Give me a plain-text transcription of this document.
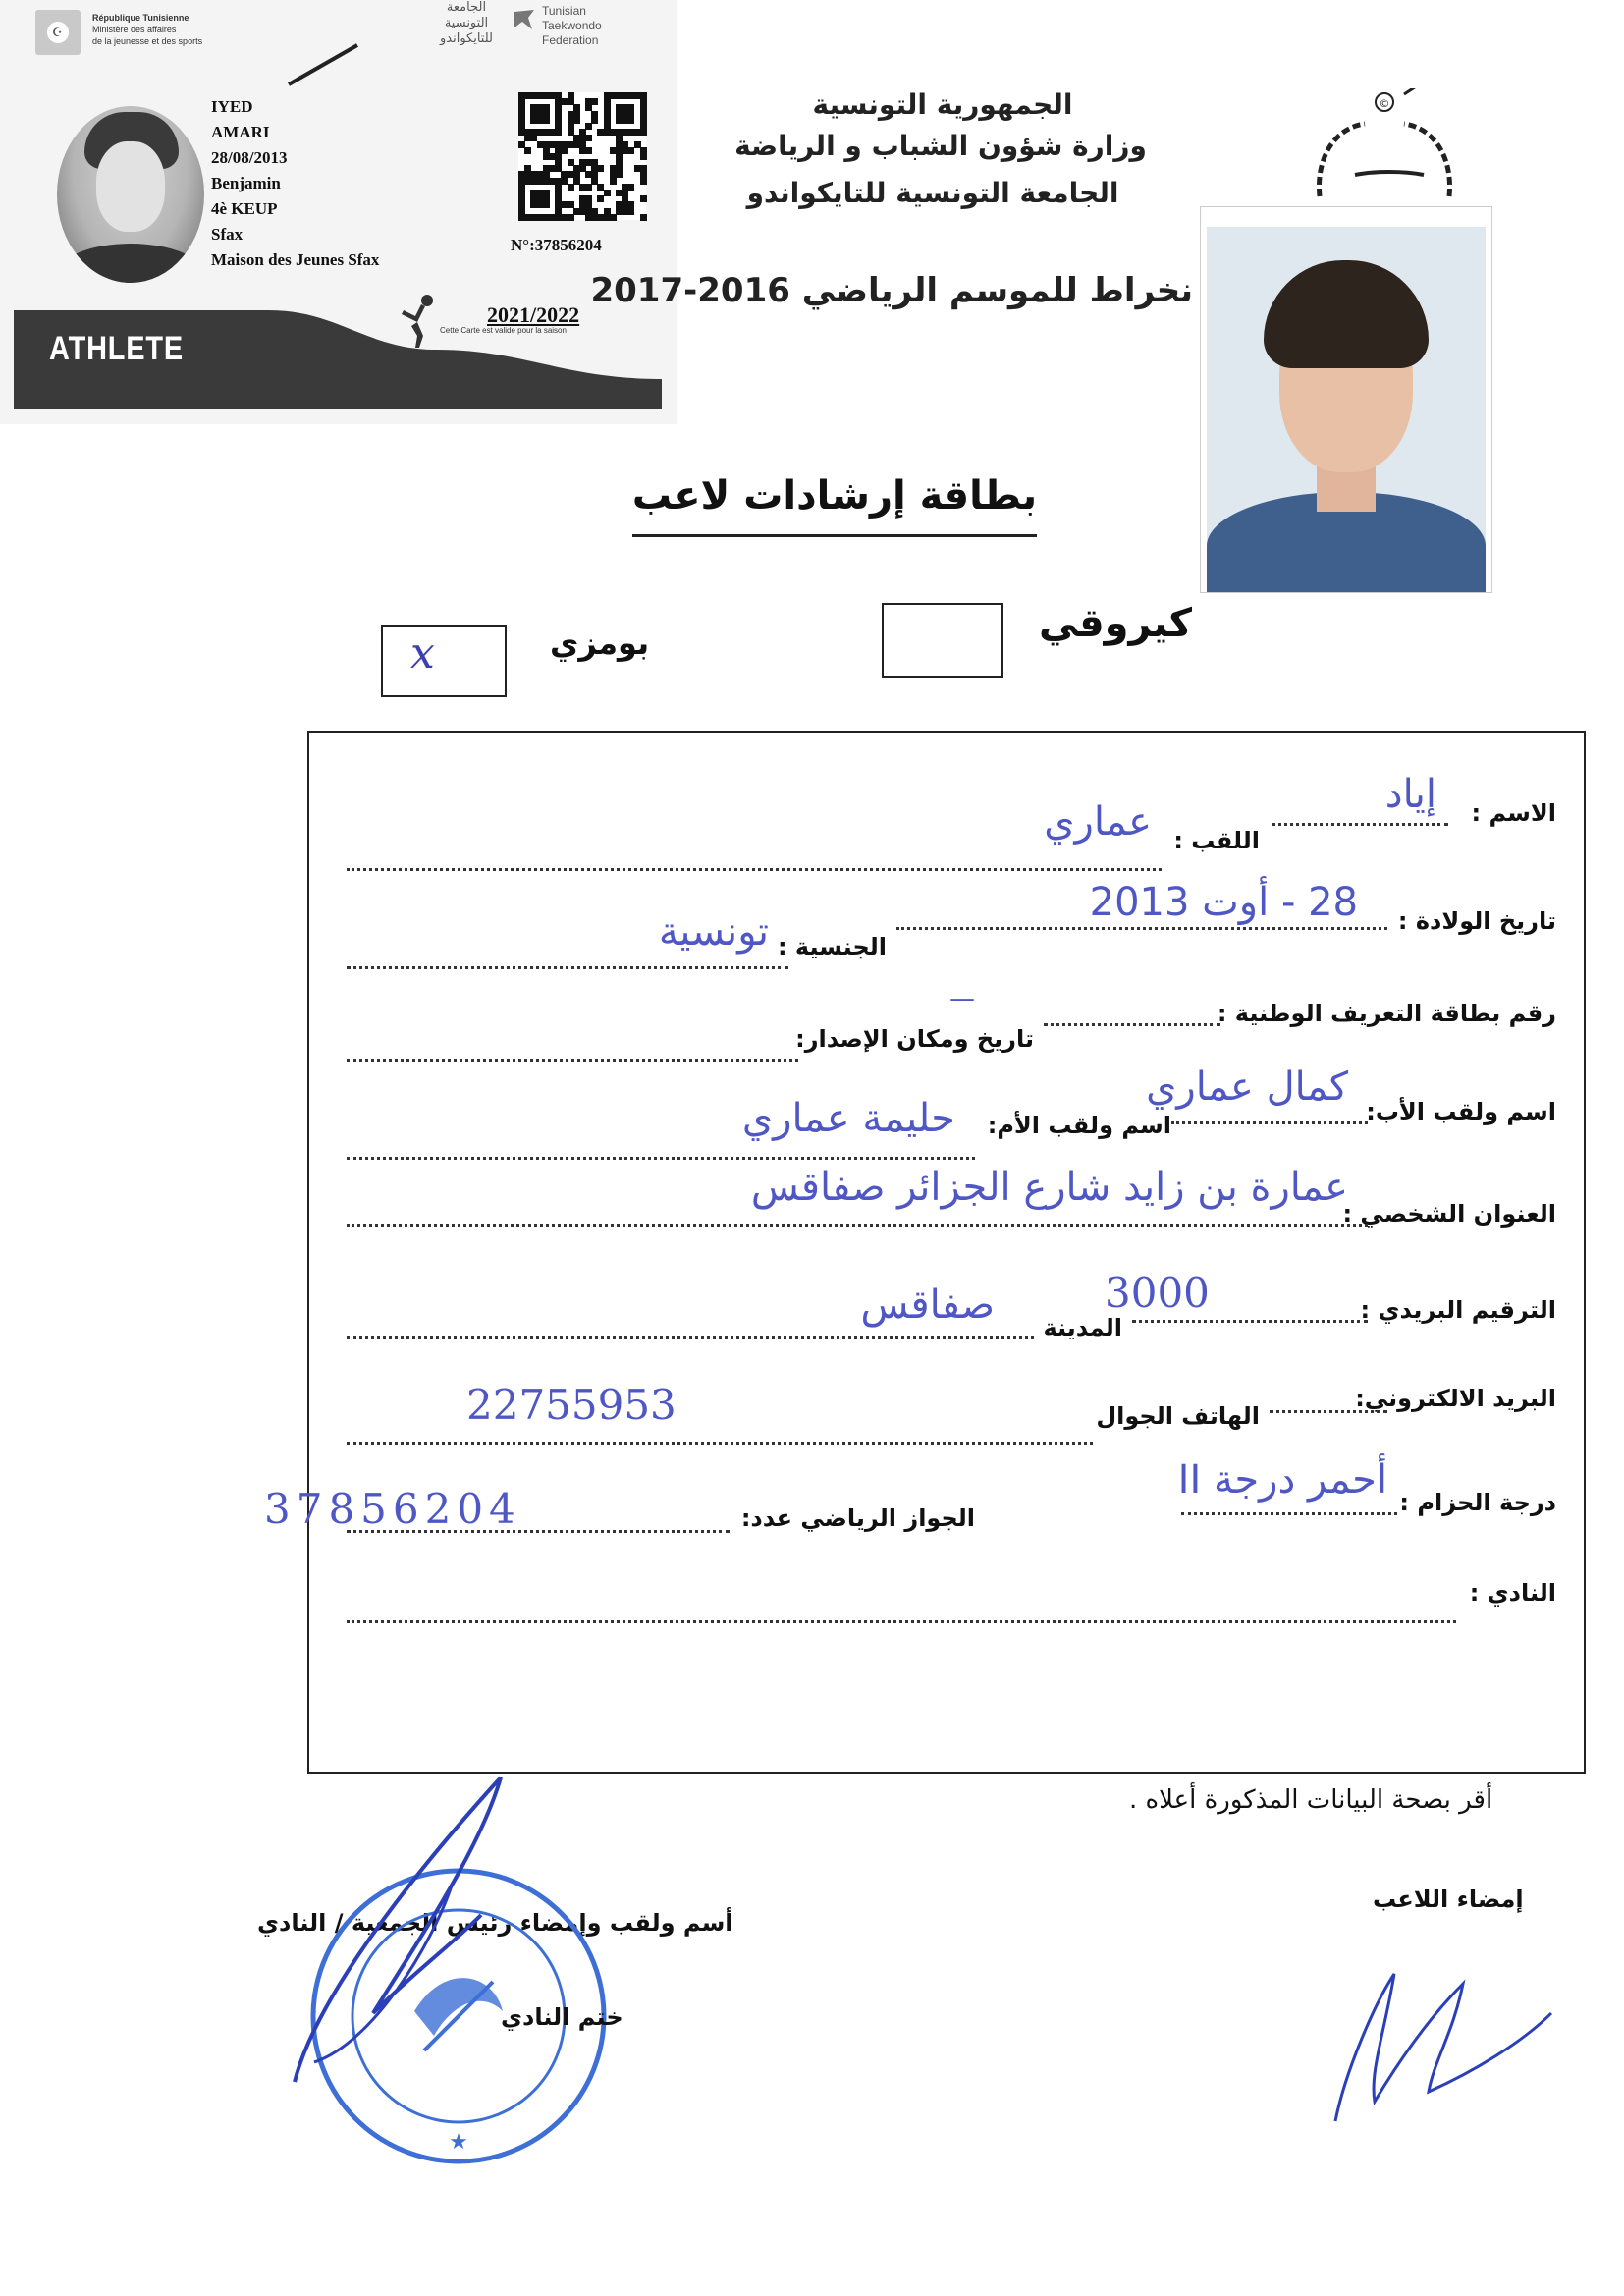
☪
République Tunisienne
Ministère des affaires
de la jeunesse et des sports
الجامعة
التونسية
للتايكواندو
Tunisian
Taekwondo
Federation
IYED
AMARI
28/08/2013
Benjamin
4è KEUP
Sfax
Maison des Jeunes Sfax
N°:37856204
ATHLETE
2021/2022
Cette Carte est valide pour la saison
الجمهورية التونسية
وزارة شؤون الشباب و الرياضة
الجامعة التونسية للتايكواندو
نخراط للموسم الرياضي 2016-2017
©
بطاقة إرشادات لاعب
كيروقي
بومزي
x
الاسم :
إياد
اللقب :
عماري
تاريخ الولادة :
28 - أوت 2013
الجنسية :
تونسية
رقم بطاقة التعريف الوطنية :
—
تاريخ ومكان الإصدار:
اسم ولقب الأب:
كمال عماري
اسم ولقب الأم:
حليمة عماري
العنوان الشخصي :
عمارة بن زايد شارع الجزائر صفاقس
الترقيم البريدي :
3000
المدينة
صفاقس
البريد الالكتروني:
الهاتف الجوال
22755953
درجة الحزام :
أحمر درجة II
الجواز الرياضي عدد:
37856204
النادي :
أقر بصحة البيانات المذكورة أعلاه .
إمضاء اللاعب
أسم ولقب وإمضاء رئيس الجمعية / النادي
★
ختم النادي
